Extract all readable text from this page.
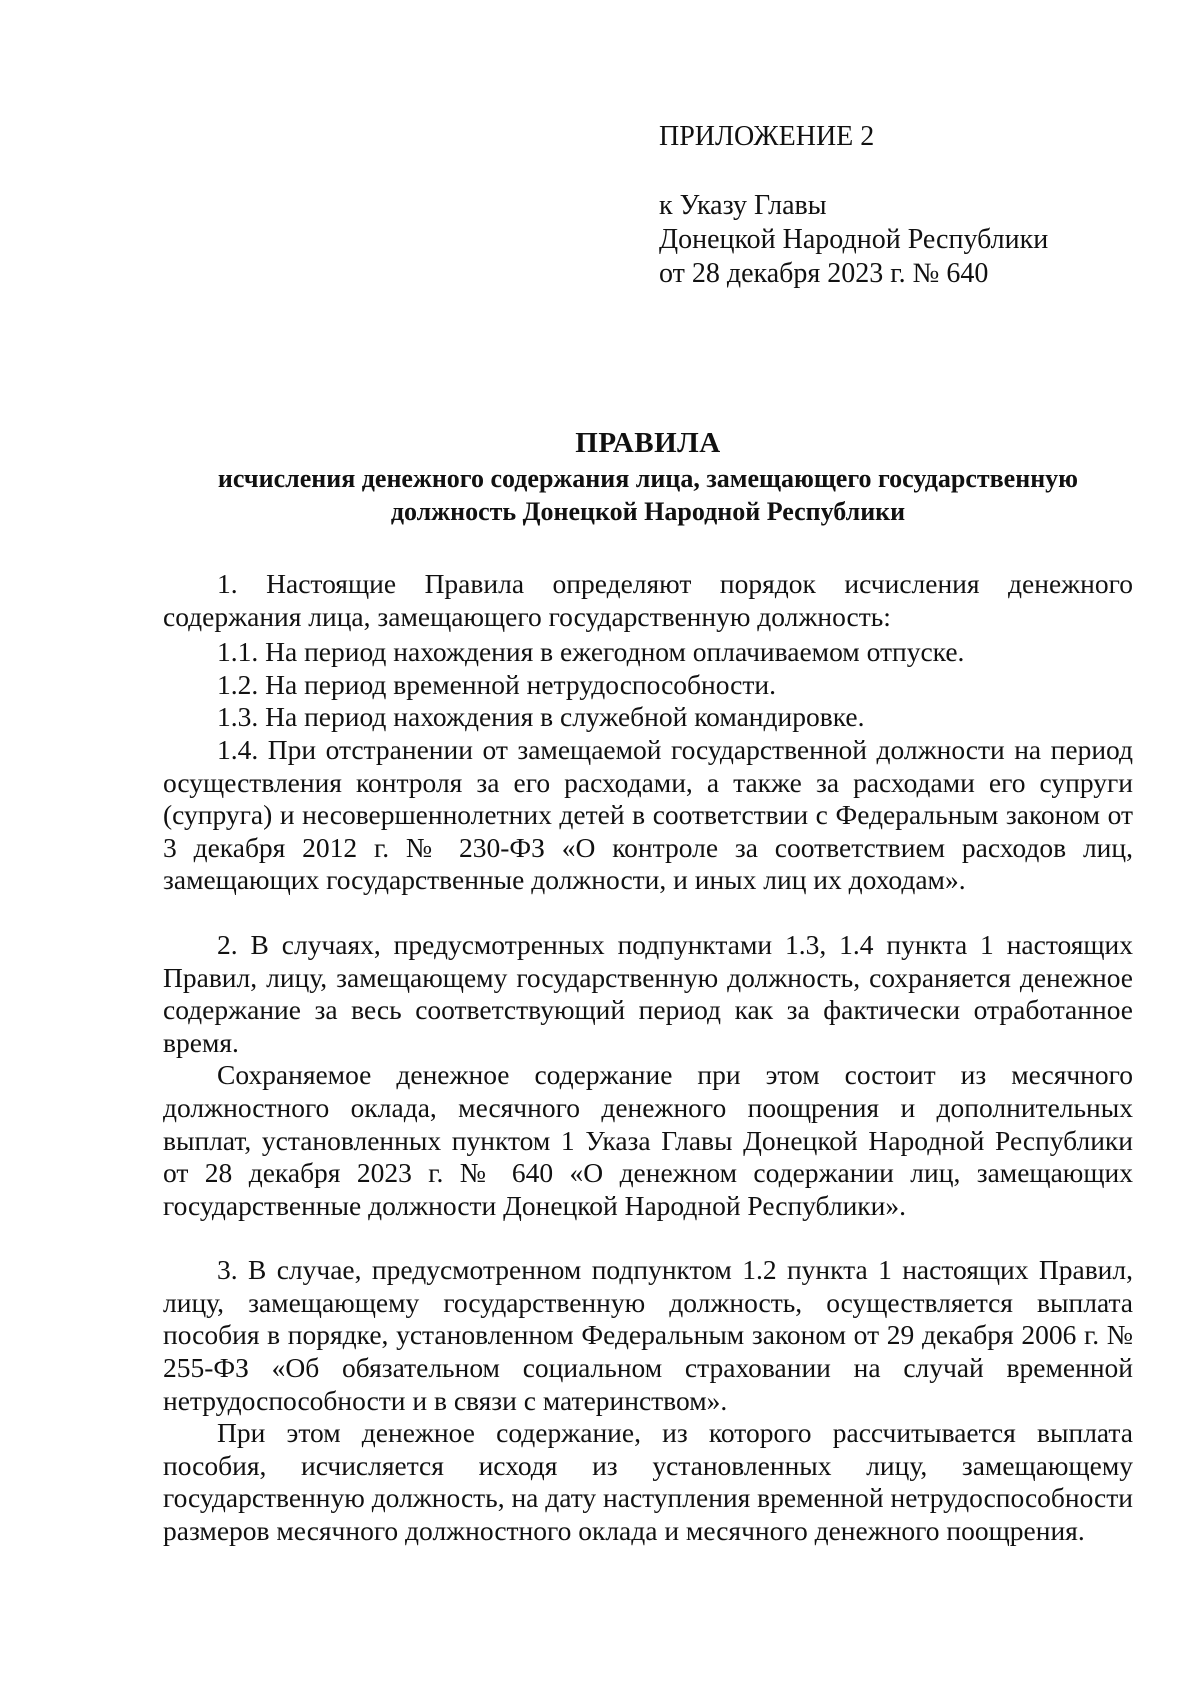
ПРИЛОЖЕНИЕ 2
к Указу Главы
Донецкой Народной Республики
от 28 декабря 2023 г. № 640
ПРАВИЛА
исчисления денежного содержания лица, замещающего государственную должность Донецкой Народной Республики

1. Настоящие Правила определяют порядок исчисления денежного содержания лица, замещающего государственную должность:

1.1. На период нахождения в ежегодном оплачиваемом отпуске.

1.2. На период временной нетрудоспособности.

1.3. На период нахождения в служебной командировке.

1.4. При отстранении от замещаемой государственной должности на период осуществления контроля за его расходами, а также за расходами его супруги (супруга) и несовершеннолетних детей в соответствии с Федеральным законом от 3 декабря 2012 г. № 230-ФЗ «О контроле за соответствием расходов лиц, замещающих государственные должности, и иных лиц их доходам».

2. В случаях, предусмотренных подпунктами 1.3, 1.4 пункта 1 настоящих Правил, лицу, замещающему государственную должность, сохраняется денежное содержание за весь соответствующий период как за фактически отработанное время.

Сохраняемое денежное содержание при этом состоит из месячного должностного оклада, месячного денежного поощрения и дополнительных выплат, установленных пунктом 1 Указа Главы Донецкой Народной Республики от 28 декабря 2023 г. № 640 «О денежном содержании лиц, замещающих государственные должности Донецкой Народной Республики».

3. В случае, предусмотренном подпунктом 1.2 пункта 1 настоящих Правил, лицу, замещающему государственную должность, осуществляется выплата пособия в порядке, установленном Федеральным законом от 29 декабря 2006 г. № 255-ФЗ «Об обязательном социальном страховании на случай временной нетрудоспособности и в связи с материнством».

При этом денежное содержание, из которого рассчитывается выплата пособия, исчисляется исходя из установленных лицу, замещающему государственную должность, на дату наступления временной нетрудоспособности размеров месячного должностного оклада и месячного денежного поощрения.
